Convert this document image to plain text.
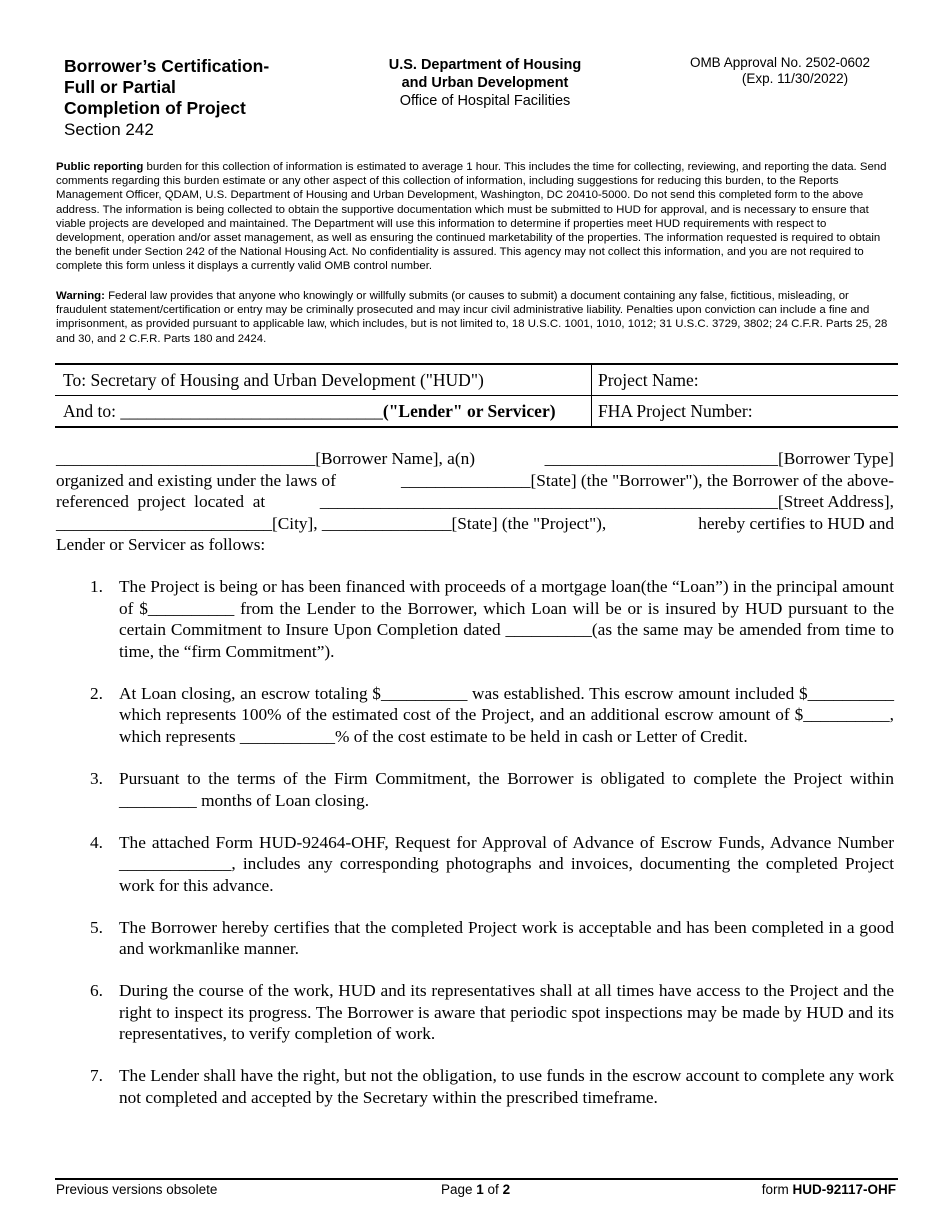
Borrower’s Certification-
Full or Partial
Completion of Project
Section 242
U.S. Department of Housing
and Urban Development
Office of Hospital Facilities
OMB Approval No. 2502-0602
(Exp. 11/30/2022)
Public reporting burden for this collection of information is estimated to average 1 hour. This includes the time for collecting, reviewing, and reporting the data. Send comments regarding this burden estimate or any other aspect of this collection of information, including suggestions for reducing this burden, to the Reports Management Officer, QDAM, U.S. Department of Housing and Urban Development, Washington, DC 20410-5000. Do not send this completed form to the above address. The information is being collected to obtain the supportive documentation which must be submitted to HUD for approval, and is necessary to ensure that viable projects are developed and maintained. The Department will use this information to determine if properties meet HUD requirements with respect to development, operation and/or asset management, as well as ensuring the continued marketability of the properties. The information requested is required to obtain the benefit under Section 242 of the National Housing Act. No confidentiality is assured. This agency may not collect this information, and you are not required to complete this form unless it displays a currently valid OMB control number.
Warning: Federal law provides that anyone who knowingly or willfully submits (or causes to submit) a document containing any false, fictitious, misleading, or fraudulent statement/certification or entry may be criminally prosecuted and may incur civil administrative liability. Penalties upon conviction can include a fine and imprisonment, as provided pursuant to applicable law, which includes, but is not limited to, 18 U.S.C. 1001, 1010, 1012; 31 U.S.C. 3729, 3802; 24 C.F.R. Parts 25, 28 and 30, and 2 C.F.R. Parts 180 and 2424.
To: Secretary of Housing and Urban Development ("HUD")	Project Name:
And to: ______________________________("Lender" or Servicer)	FHA Project Number:
______________________________[Borrower Name], a(n)	___________________________[Borrower Type]
organized and existing under the laws of	_______________[State] (the "Borrower"), the Borrower of the above-
referenced  project  located  at	_____________________________________________________[Street Address],
_________________________[City], _______________[State] (the "Project"),	hereby certifies to HUD and
Lender or Servicer as follows:
1. The Project is being or has been financed with proceeds of a mortgage loan(the “Loan”) in the principal amount of $__________ from the Lender to the Borrower, which Loan will be or is insured by HUD pursuant to the certain Commitment to Insure Upon Completion dated __________(as the same may be amended from time to time, the “firm Commitment”).
2. At Loan closing, an escrow totaling $__________ was established. This escrow amount included $__________ which represents 100% of the estimated cost of the Project, and an additional escrow amount of $__________, which represents ___________% of the cost estimate to be held in cash or Letter of Credit.
3. Pursuant to the terms of the Firm Commitment, the Borrower is obligated to complete the Project within _________ months of Loan closing.
4. The attached Form HUD-92464-OHF, Request for Approval of Advance of Escrow Funds, Advance Number _____________, includes any corresponding photographs and invoices, documenting the completed Project work for this advance.
5. The Borrower hereby certifies that the completed Project work is acceptable and has been completed in a good and workmanlike manner.
6. During the course of the work, HUD and its representatives shall at all times have access to the Project and the right to inspect its progress. The Borrower is aware that periodic spot inspections may be made by HUD and its representatives, to verify completion of work.
7. The Lender shall have the right, but not the obligation, to use funds in the escrow account to complete any work not completed and accepted by the Secretary within the prescribed timeframe.
Previous versions obsolete	Page 1 of 2	form HUD-92117-OHF
